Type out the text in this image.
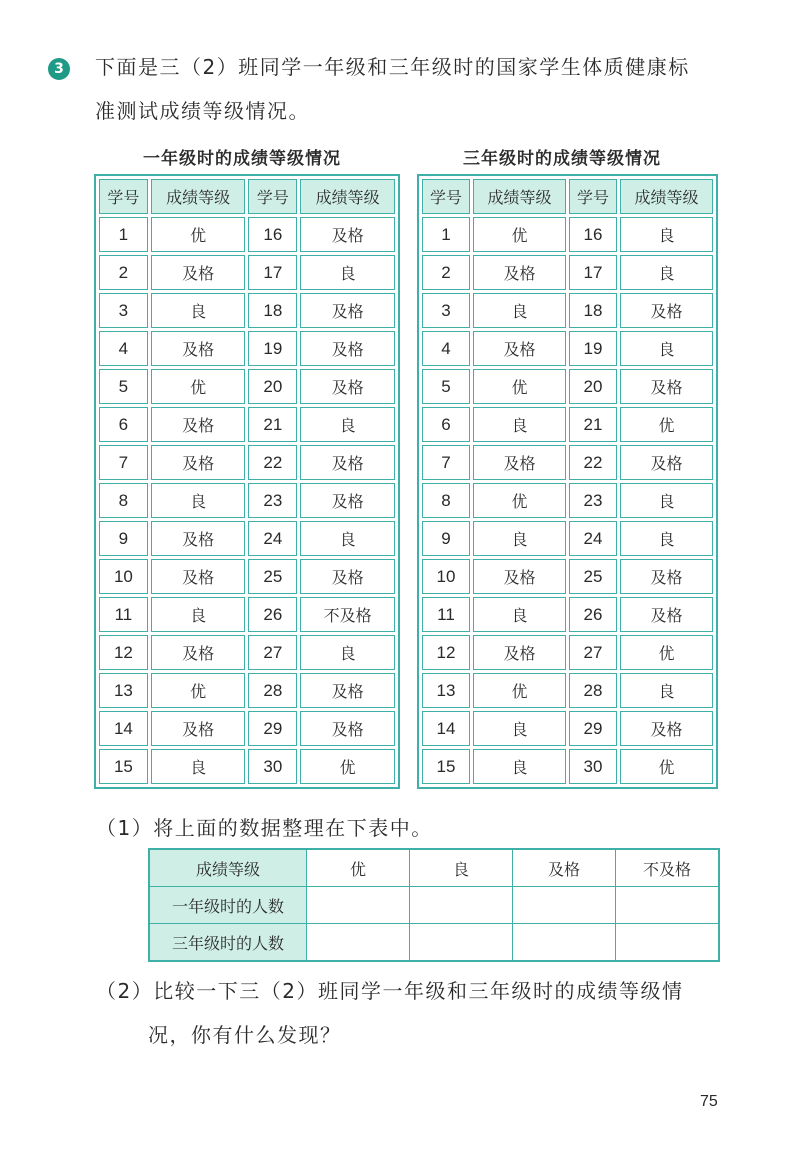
3	下面是三（2）班同学一年级和三年级时的国家学生体质健康标
准测试成绩等级情况。
一年级时的成绩等级情况	三年级时的成绩等级情况
学号	成绩等级	学号	成绩等级
1	优	16	及格
2	及格	17	良
3	良	18	及格
4	及格	19	及格
5	优	20	及格
6	及格	21	良
7	及格	22	及格
8	良	23	及格
9	及格	24	良
10	及格	25	及格
11	良	26	不及格
12	及格	27	良
13	优	28	及格
14	及格	29	及格
15	良	30	优
学号	成绩等级	学号	成绩等级
1	优	16	良
2	及格	17	良
3	良	18	及格
4	及格	19	良
5	优	20	及格
6	良	21	优
7	及格	22	及格
8	优	23	良
9	良	24	良
10	及格	25	及格
11	良	26	及格
12	及格	27	优
13	优	28	良
14	良	29	及格
15	良	30	优
（1）将上面的数据整理在下表中。
成绩等级	优	良	及格	不及格
一年级时的人数				
三年级时的人数				
（2）比较一下三（2）班同学一年级和三年级时的成绩等级情
况，你有什么发现？
75
